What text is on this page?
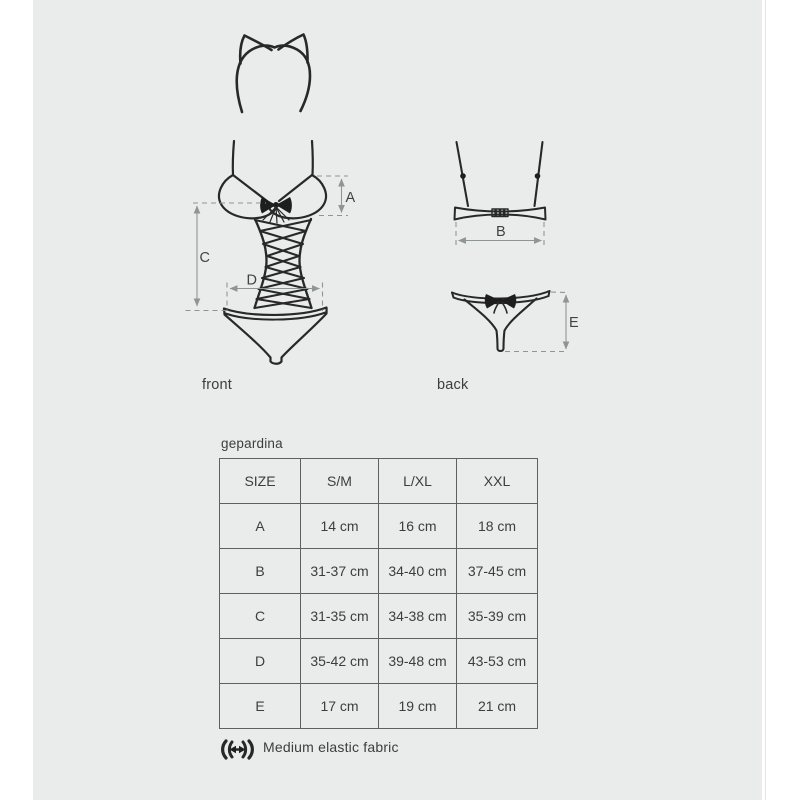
A
C
D
B
E
front	back
gepardina
Medium elastic fabric
SIZE	S/M	L/XL	XXL
A	14 cm	16 cm	18 cm
B	31-37 cm	34-40 cm	37-45 cm
C	31-35 cm	34-38 cm	35-39 cm
D	35-42 cm	39-48 cm	43-53 cm
E	17 cm	19 cm	21 cm
